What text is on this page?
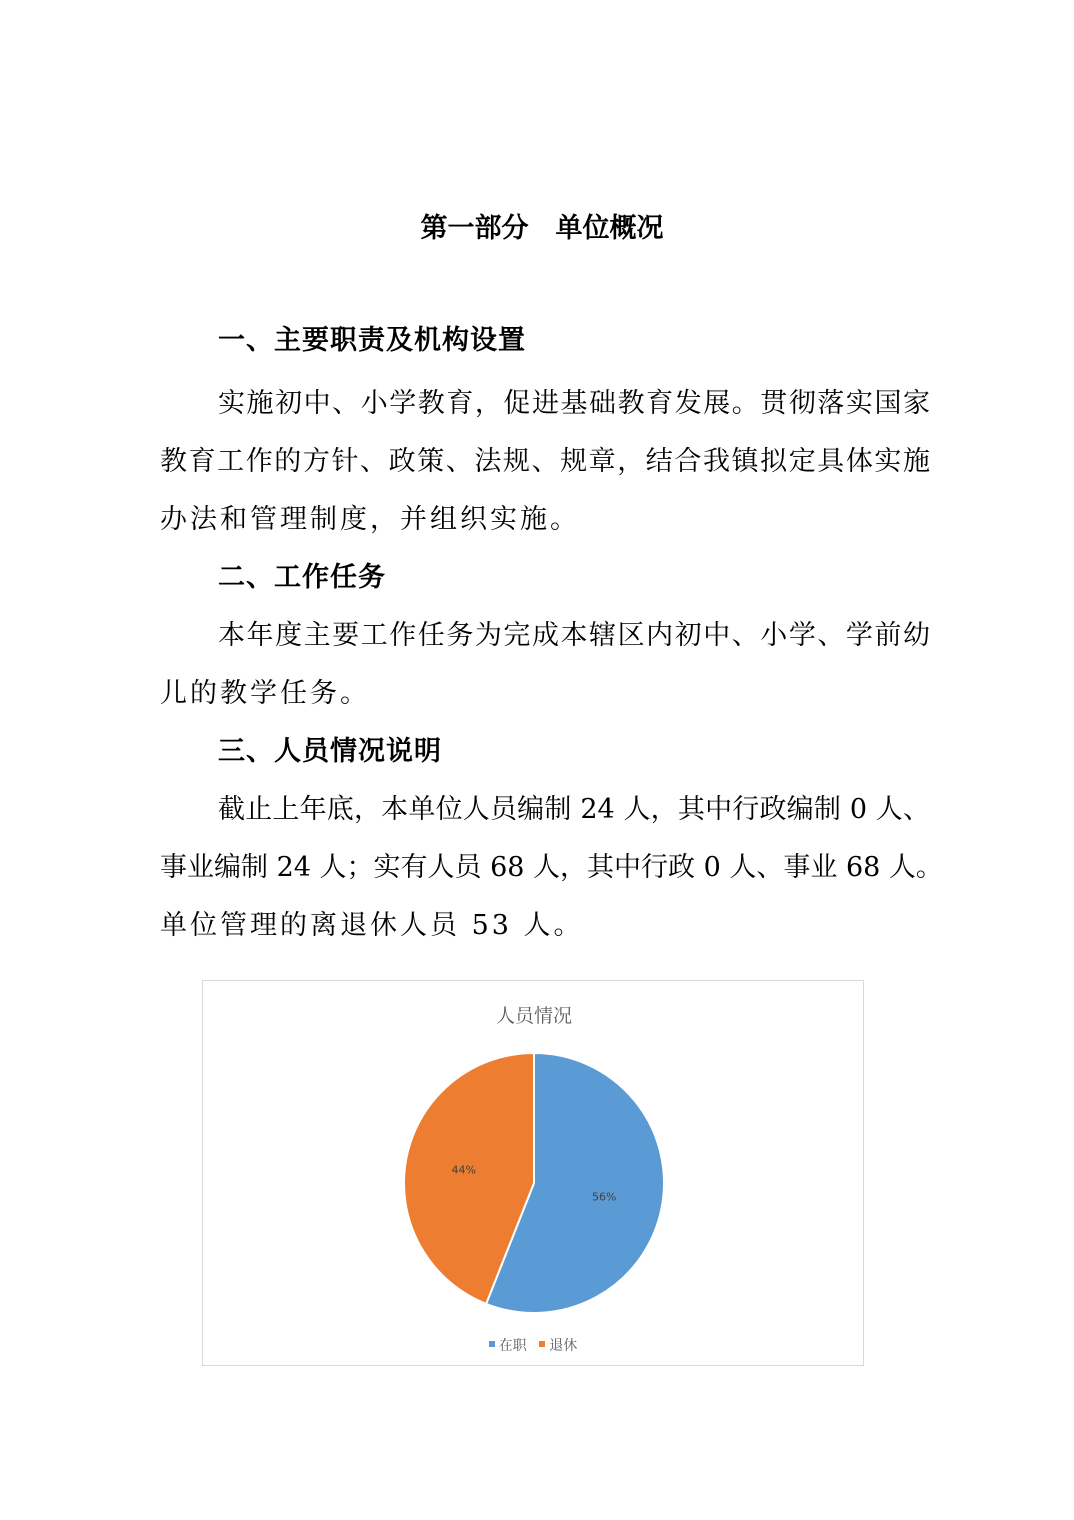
第一部分　单位概况
一、主要职责及机构设置
实施初中、小学教育，促进基础教育发展。贯彻落实国家
教育工作的方针、政策、法规、规章，结合我镇拟定具体实施
办法和管理制度，并组织实施。
二、工作任务
本年度主要工作任务为完成本辖区内初中、小学、学前幼
儿的教学任务。
三、人员情况说明
截止上年底，本单位人员编制 24 人，其中行政编制 0 人、
事业编制 24 人；实有人员 68 人，其中行政 0 人、事业 68 人。
单位管理的离退休人员 53 人。
人员情况
56%
44%
在职 退休
